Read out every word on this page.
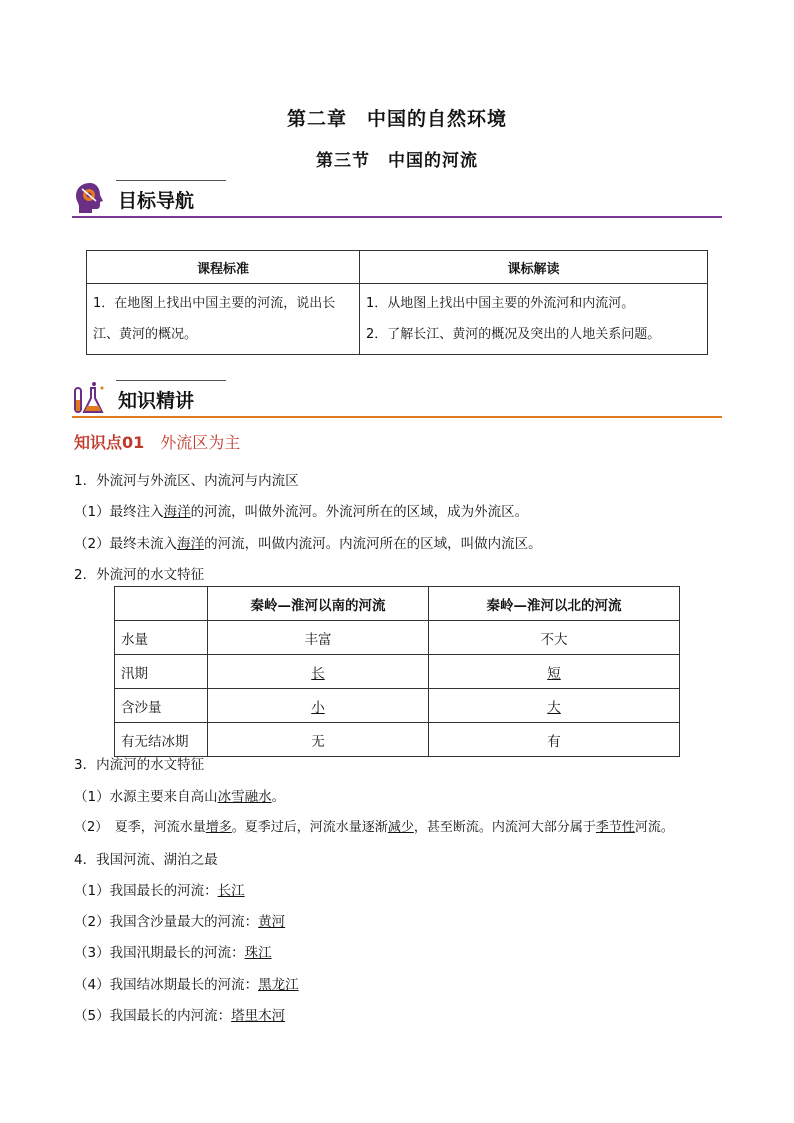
第二章　中国的自然环境
第三节　中国的河流
目标导航
课程标准	课标解读
1．在地图上找出中国主要的河流，说出长江、黄河的概况。	1．从地图上找出中国主要的外流河和内流河。
2．了解长江、黄河的概况及突出的人地关系问题。
知识精讲
知识点01 外流区为主
1．外流河与外流区、内流河与内流区
（1）最终注入海洋的河流，叫做外流河。外流河所在的区域，成为外流区。
（2）最终未流入海洋的河流，叫做内流河。内流河所在的区域，叫做内流区。
2．外流河的水文特征
	秦岭—淮河以南的河流	秦岭—淮河以北的河流
水量	丰富	不大
汛期	长	短
含沙量	小	大
有无结冰期	无	有
3．内流河的水文特征
（1）水源主要来自高山冰雪融水。
（2）　夏季，河流水量增多。夏季过后，河流水量逐渐减少，甚至断流。内流河大部分属于季节性河流。
4．我国河流、湖泊之最
（1）我国最长的河流：长江
（2）我国含沙量最大的河流：黄河
（3）我国汛期最长的河流：珠江
（4）我国结冰期最长的河流：黑龙江
（5）我国最长的内河流：塔里木河
